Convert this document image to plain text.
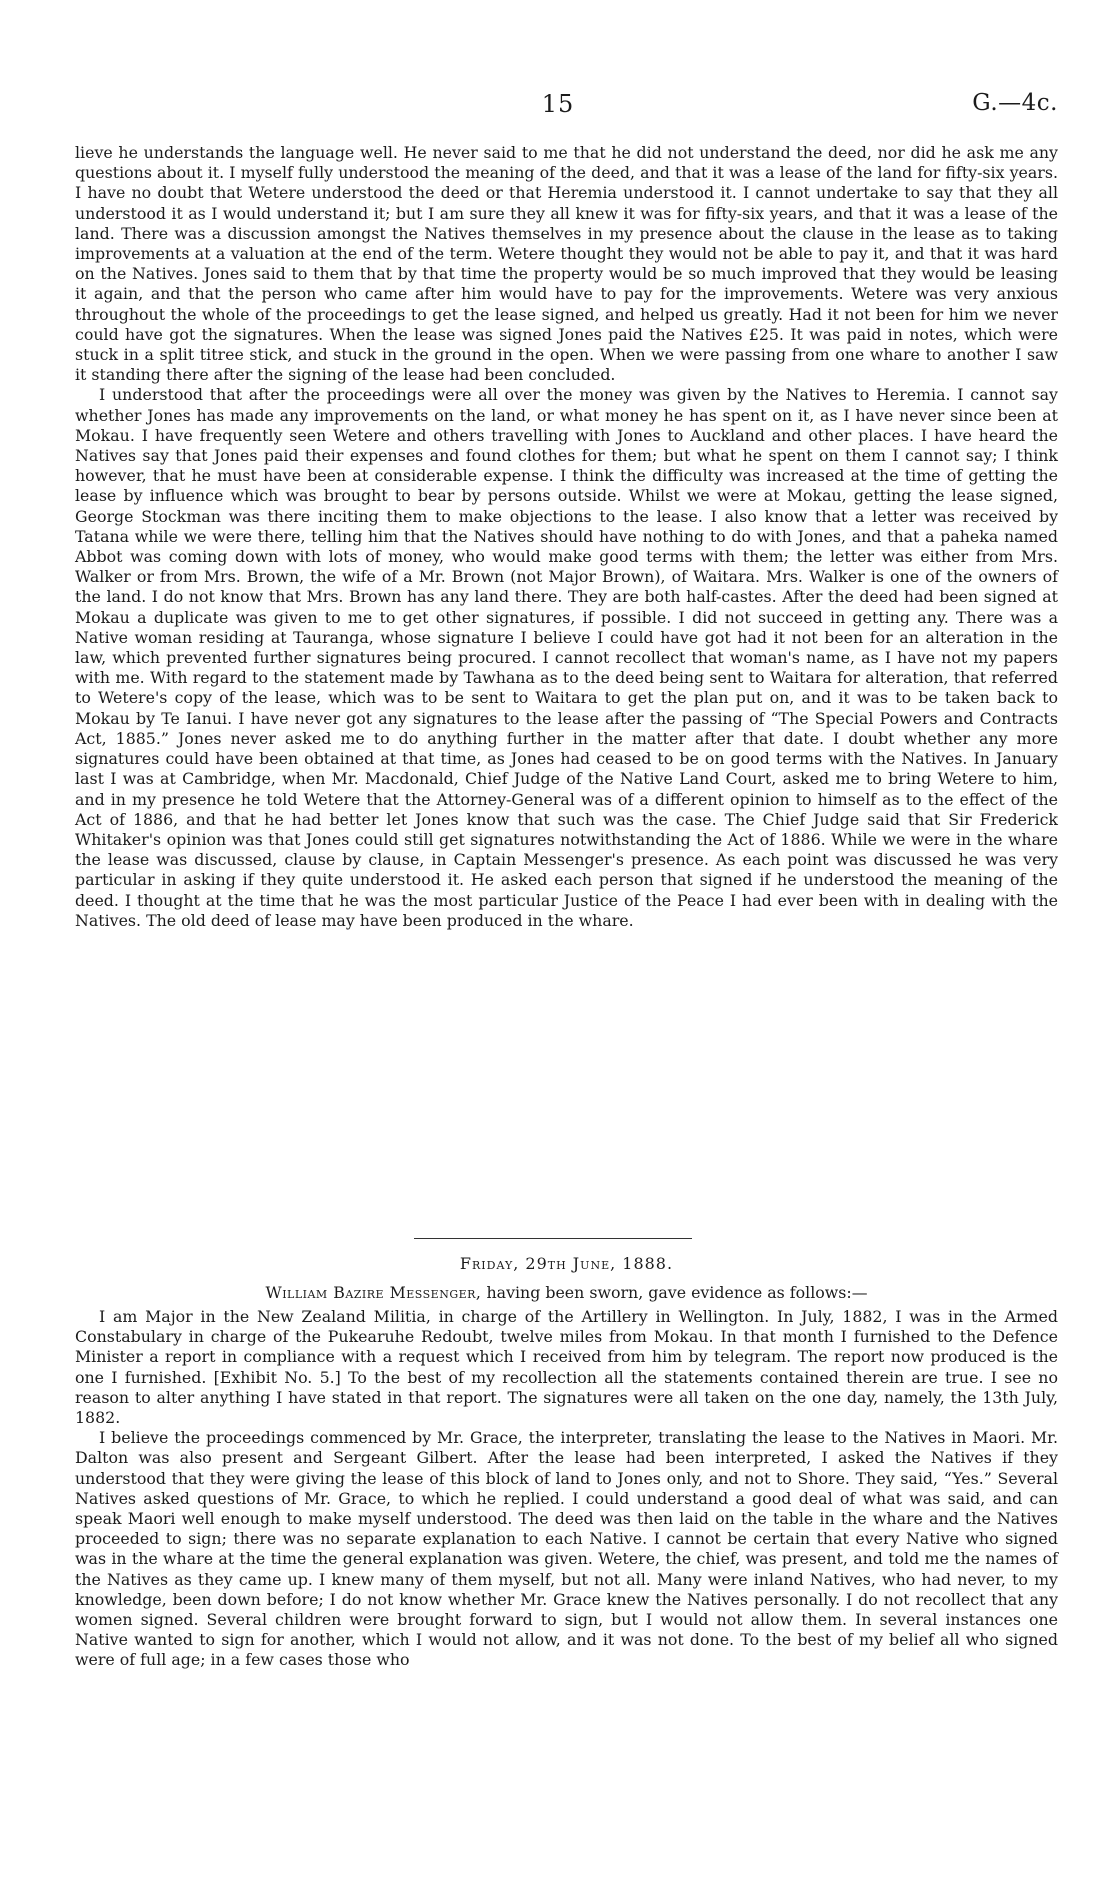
15	G.—4c.

lieve he understands the language well. He never said to me that he did not understand the deed, nor did he ask me any questions about it. I myself fully understood the meaning of the deed, and that it was a lease of the land for fifty-six years. I have no doubt that Wetere understood the deed or that Heremia understood it. I cannot undertake to say that they all understood it as I would understand it; but I am sure they all knew it was for fifty-six years, and that it was a lease of the land. There was a discussion amongst the Natives themselves in my presence about the clause in the lease as to taking improvements at a valuation at the end of the term. Wetere thought they would not be able to pay it, and that it was hard on the Natives. Jones said to them that by that time the property would be so much improved that they would be leasing it again, and that the person who came after him would have to pay for the improvements. Wetere was very anxious throughout the whole of the proceedings to get the lease signed, and helped us greatly. Had it not been for him we never could have got the signatures. When the lease was signed Jones paid the Natives £25. It was paid in notes, which were stuck in a split titree stick, and stuck in the ground in the open. When we were passing from one whare to another I saw it standing there after the signing of the lease had been concluded.

I understood that after the proceedings were all over the money was given by the Natives to Heremia. I cannot say whether Jones has made any improvements on the land, or what money he has spent on it, as I have never since been at Mokau. I have frequently seen Wetere and others travelling with Jones to Auckland and other places. I have heard the Natives say that Jones paid their expenses and found clothes for them; but what he spent on them I cannot say; I think however, that he must have been at considerable expense. I think the difficulty was increased at the time of getting the lease by influence which was brought to bear by persons outside. Whilst we were at Mokau, getting the lease signed, George Stockman was there inciting them to make objections to the lease. I also know that a letter was received by Tatana while we were there, telling him that the Natives should have nothing to do with Jones, and that a paheka named Abbot was coming down with lots of money, who would make good terms with them; the letter was either from Mrs. Walker or from Mrs. Brown, the wife of a Mr. Brown (not Major Brown), of Waitara. Mrs. Walker is one of the owners of the land. I do not know that Mrs. Brown has any land there. They are both half-castes. After the deed had been signed at Mokau a duplicate was given to me to get other signatures, if possible. I did not succeed in getting any. There was a Native woman residing at Tauranga, whose signature I believe I could have got had it not been for an alteration in the law, which prevented further signatures being procured. I cannot recollect that woman's name, as I have not my papers with me. With regard to the statement made by Tawhana as to the deed being sent to Waitara for alteration, that referred to Wetere's copy of the lease, which was to be sent to Waitara to get the plan put on, and it was to be taken back to Mokau by Te Ianui. I have never got any signatures to the lease after the passing of “The Special Powers and Contracts Act, 1885.” Jones never asked me to do anything further in the matter after that date. I doubt whether any more signatures could have been obtained at that time, as Jones had ceased to be on good terms with the Natives. In January last I was at Cambridge, when Mr. Macdonald, Chief Judge of the Native Land Court, asked me to bring Wetere to him, and in my presence he told Wetere that the Attorney-General was of a different opinion to himself as to the effect of the Act of 1886, and that he had better let Jones know that such was the case. The Chief Judge said that Sir Frederick Whitaker's opinion was that Jones could still get signatures notwithstanding the Act of 1886. While we were in the whare the lease was discussed, clause by clause, in Captain Messenger's presence. As each point was discussed he was very particular in asking if they quite understood it. He asked each person that signed if he understood the meaning of the deed. I thought at the time that he was the most particular Justice of the Peace I had ever been with in dealing with the Natives. The old deed of lease may have been produced in the whare.

Friday, 29th June, 1888.
William Bazire Messenger, having been sworn, gave evidence as follows:—

I am Major in the New Zealand Militia, in charge of the Artillery in Wellington. In July, 1882, I was in the Armed Constabulary in charge of the Pukearuhe Redoubt, twelve miles from Mokau. In that month I furnished to the Defence Minister a report in compliance with a request which I received from him by telegram. The report now produced is the one I furnished. [Exhibit No. 5.] To the best of my recollection all the statements contained therein are true. I see no reason to alter anything I have stated in that report. The signatures were all taken on the one day, namely, the 13th July, 1882.

I believe the proceedings commenced by Mr. Grace, the interpreter, translating the lease to the Natives in Maori. Mr. Dalton was also present and Sergeant Gilbert. After the lease had been interpreted, I asked the Natives if they understood that they were giving the lease of this block of land to Jones only, and not to Shore. They said, “Yes.” Several Natives asked questions of Mr. Grace, to which he replied. I could understand a good deal of what was said, and can speak Maori well enough to make myself understood. The deed was then laid on the table in the whare and the Natives proceeded to sign; there was no separate explanation to each Native. I cannot be certain that every Native who signed was in the whare at the time the general explanation was given. Wetere, the chief, was present, and told me the names of the Natives as they came up. I knew many of them myself, but not all. Many were inland Natives, who had never, to my knowledge, been down before; I do not know whether Mr. Grace knew the Natives personally. I do not recollect that any women signed. Several children were brought forward to sign, but I would not allow them. In several instances one Native wanted to sign for another, which I would not allow, and it was not done. To the best of my belief all who signed were of full age; in a few cases those who
